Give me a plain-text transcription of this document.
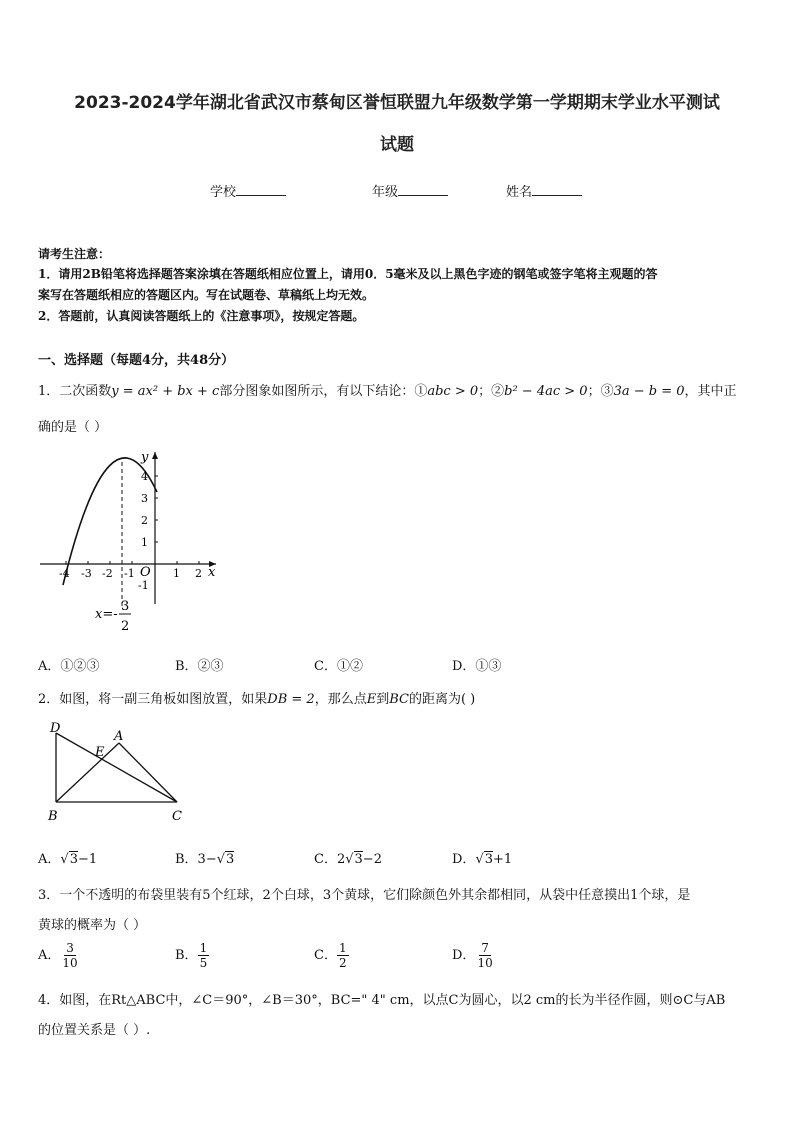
2023-2024学年湖北省武汉市蔡甸区誉恒联盟九年级数学第一学期期末学业水平测试
试题
学校	年级	姓名
请考生注意：
1．请用2B铅笔将选择题答案涂填在答题纸相应位置上，请用0．5毫米及以上黑色字迹的钢笔或签字笔将主观题的答
案写在答题纸相应的答题区内。写在试题卷、草稿纸上均无效。
2．答题前，认真阅读答题纸上的《注意事项》，按规定答题。
一、选择题（每题4分，共48分）
1．二次函数y = ax² + bx + c部分图象如图所示，有以下结论：①abc > 0；②b² − 4ac > 0；③3a − b = 0，其中正
确的是（ ）
y
x
O
-4 -3 -2 -1	1 2
4
3
2
1
-1
x=-
3
2
A．①②③	B．②③	C．①②	D．①③
2．如图，将一副三角板如图放置，如果DB = 2，那么点E到BC的距离为( )
D
A
E
B	C
A．√3−1	B．3−√3	C．2√3−2	D．√3+1
3．一个不透明的布袋里装有5个红球，2个白球，3个黄球，它们除颜色外其余都相同，从袋中任意摸出1个球，是
黄球的概率为（ ）
A． $\frac{3}{10}$	B． $\frac{1}{5}$	C． $\frac{1}{2}$	D． $\frac{7}{10}$
4．如图，在Rt△ABC中，∠C＝90°，∠B＝30°，BC=" 4" cm，以点C为圆心，以2 cm的长为半径作圆，则⊙C与AB
的位置关系是（ ）.
